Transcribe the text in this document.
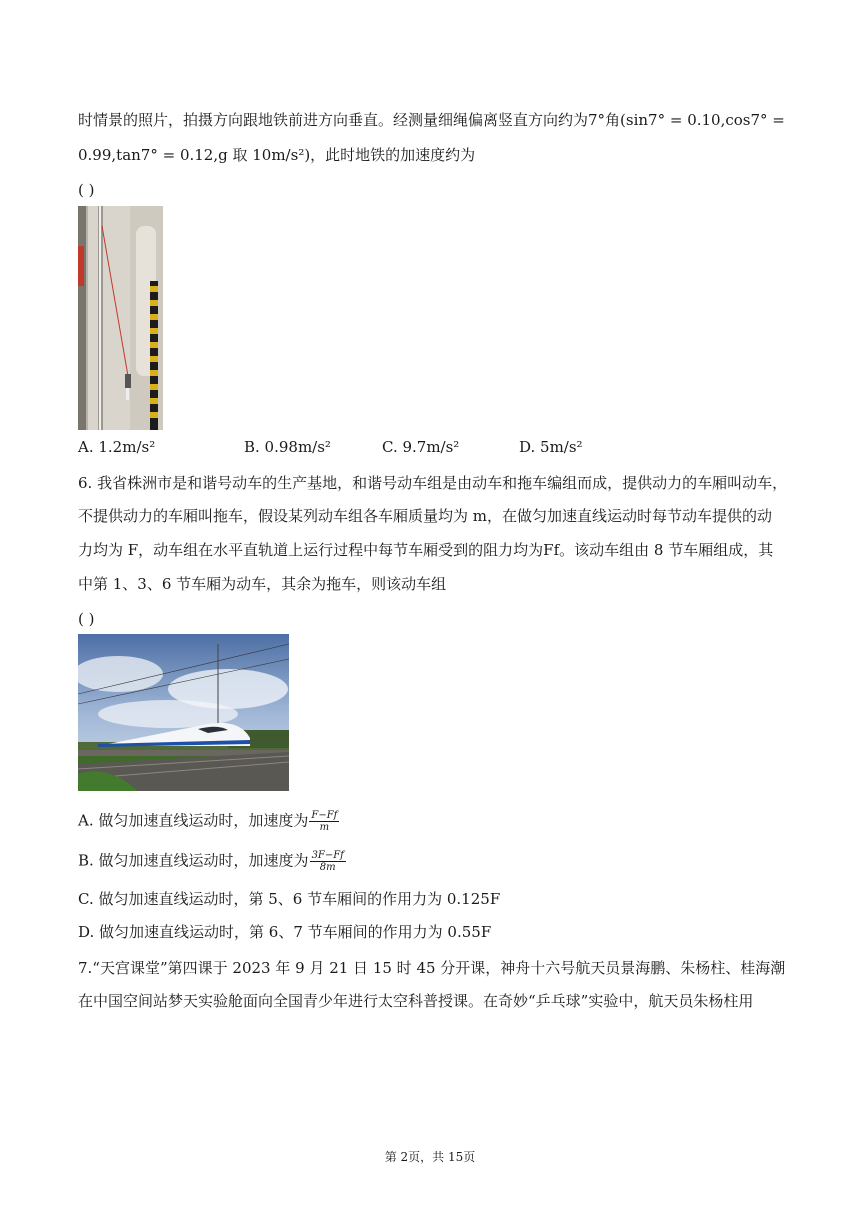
时情景的照片，拍摄方向跟地铁前进方向垂直。经测量细绳偏离竖直方向约为7°角(sin7° = 0.10,cos7° =
0.99,tan7° = 0.12,g 取 10m/s²)，此时地铁的加速度约为
( )
A. 1.2m/s²	B. 0.98m/s²	C. 9.7m/s²	D. 5m/s²
6. 我省株洲市是和谐号动车的生产基地，和谐号动车组是由动车和拖车编组而成，提供动力的车厢叫动车，
不提供动力的车厢叫拖车，假设某列动车组各车厢质量均为 m，在做匀加速直线运动时每节动车提供的动
力均为 F，动车组在水平直轨道上运行过程中每节车厢受到的阻力均为Ff。该动车组由 8 节车厢组成，其
中第 1、3、6 节车厢为动车，其余为拖车，则该动车组
( )
A. 做匀加速直线运动时，加速度为 $\frac{F-Ff}{m}$
B. 做匀加速直线运动时，加速度为 $\frac{3F-Ff}{8m}$
C. 做匀加速直线运动时，第 5、6 节车厢间的作用力为 0.125F
D. 做匀加速直线运动时，第 6、7 节车厢间的作用力为 0.55F
7.“天宫课堂”第四课于 2023 年 9 月 21 日 15 时 45 分开课，神舟十六号航天员景海鹏、朱杨柱、桂海潮
在中国空间站梦天实验舱面向全国青少年进行太空科普授课。在奇妙“乒乓球”实验中，航天员朱杨柱用
第 2页，共 15页
